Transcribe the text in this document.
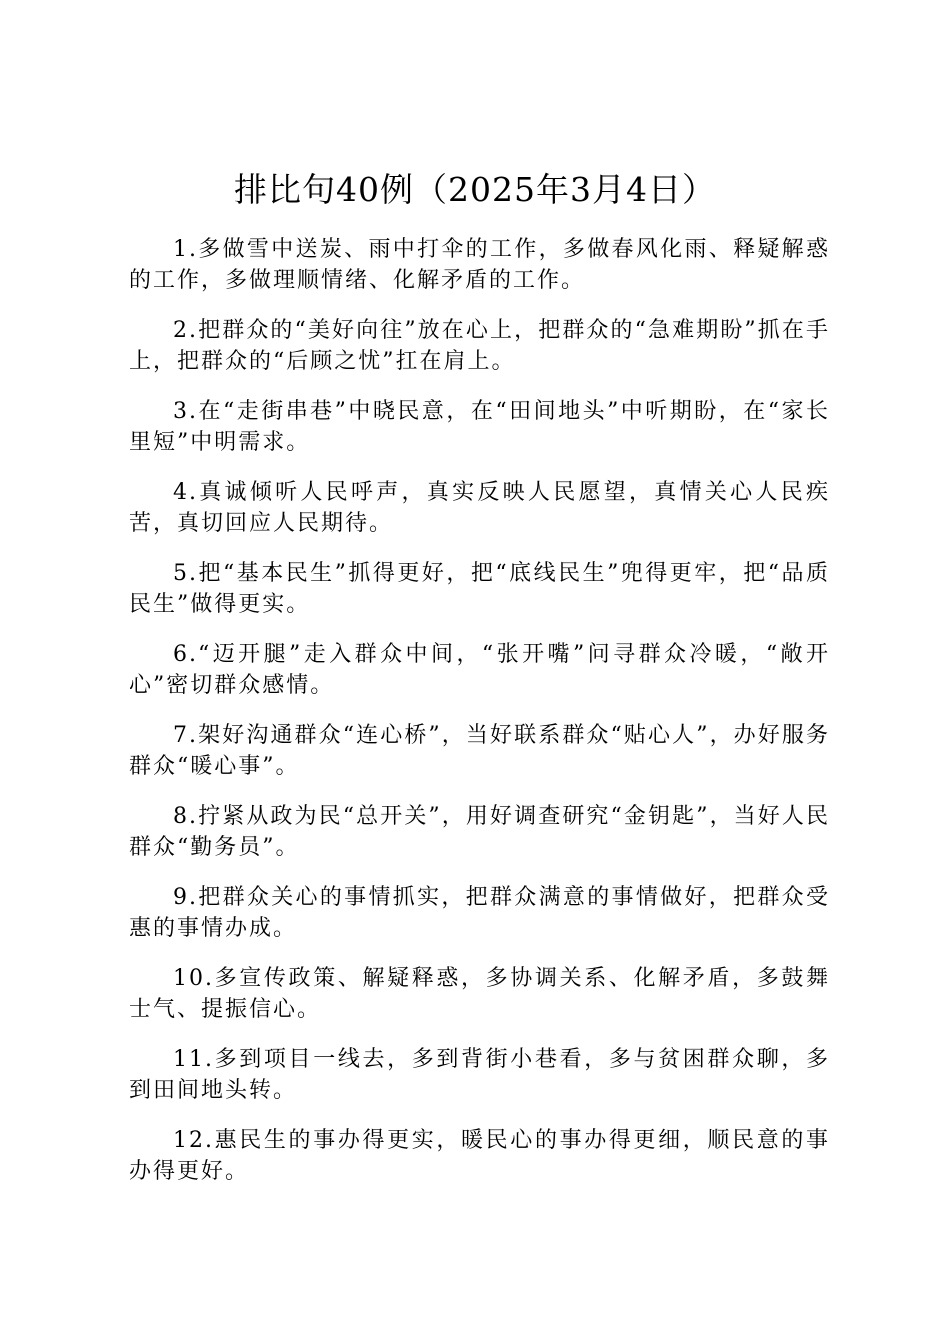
排比句40例（2025年3月4日）

1.多做雪中送炭、雨中打伞的工作，多做春风化雨、释疑解惑的工作，多做理顺情绪、化解矛盾的工作。

2.把群众的“美好向往”放在心上，把群众的“急难期盼”抓在手上，把群众的“后顾之忧”扛在肩上。

3.在“走街串巷”中晓民意，在“田间地头”中听期盼，在“家长里短”中明需求。

4.真诚倾听人民呼声，真实反映人民愿望，真情关心人民疾苦，真切回应人民期待。

5.把“基本民生”抓得更好，把“底线民生”兜得更牢，把“品质民生”做得更实。

6.“迈开腿”走入群众中间，“张开嘴”问寻群众冷暖，“敞开心”密切群众感情。

7.架好沟通群众“连心桥”，当好联系群众“贴心人”，办好服务群众“暖心事”。

8.拧紧从政为民“总开关”，用好调查研究“金钥匙”，当好人民群众“勤务员”。

9.把群众关心的事情抓实，把群众满意的事情做好，把群众受惠的事情办成。

10.多宣传政策、解疑释惑，多协调关系、化解矛盾，多鼓舞士气、提振信心。

11.多到项目一线去，多到背街小巷看，多与贫困群众聊，多到田间地头转。

12.惠民生的事办得更实，暖民心的事办得更细，顺民意的事办得更好。
